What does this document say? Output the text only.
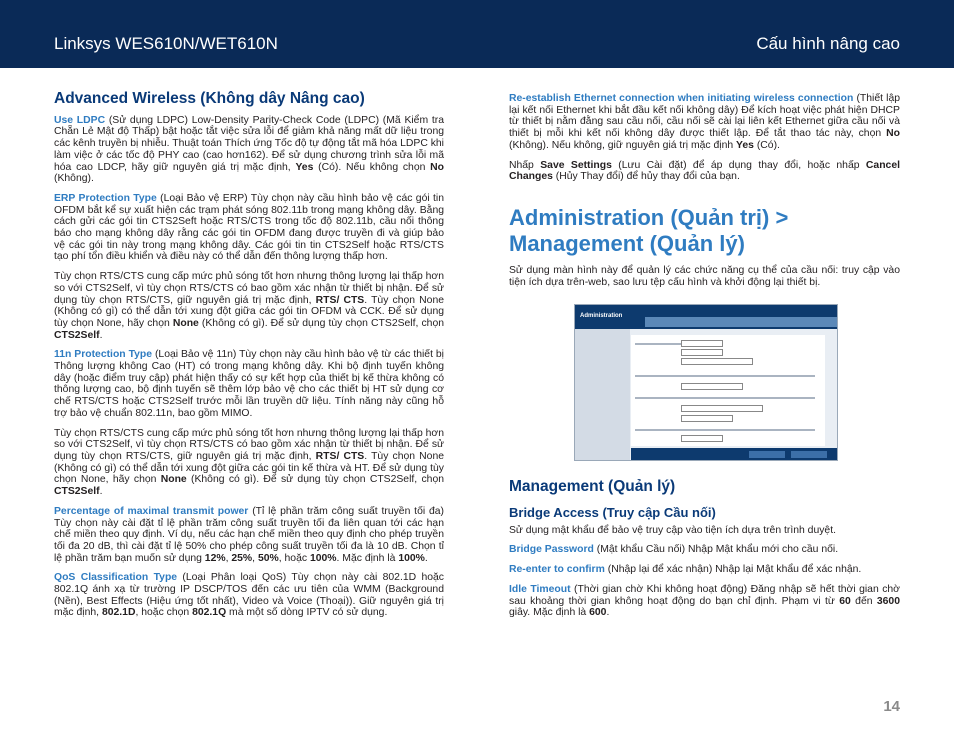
Linksys WES610N/WET610N	Cấu hình nâng cao
Advanced Wireless (Không dây Nâng cao)

Use LDPC (Sử dụng LDPC) Low-Density Parity-Check Code (LDPC) (Mã Kiểm tra Chẵn Lẻ Mật độ Thấp) bật hoặc tắt việc sửa lỗi để giảm khả năng mất dữ liệu trong các kênh truyền bị nhiễu. Thuật toán Thích ứng Tốc độ tự động tắt mã hóa LDPC khi làm việc ở các tốc độ PHY cao (cao hơn162). Để sử dụng chương trình sửa lỗi mã hóa cao LDCP, hãy giữ nguyên giá trị mặc định, Yes (Có). Nếu không chọn No (Không).

ERP Protection Type (Loại Bảo vệ ERP) Tùy chọn này cầu hình bảo vệ các gói tin OFDM bắt kể sự xuất hiện các trạm phát sóng 802.11b trong mạng không dây. Bằng cách gửi các gói tin CTS2Seft hoặc RTS/CTS trong tốc độ 802.11b, cầu nối thông báo cho mạng không dây rằng các gói tin OFDM đang được truyền đi và giúp bảo vệ các gói tin này trong mạng không dây. Các gói tin tin CTS2Self hoặc RTS/CTS tạo phí tổn điều khiển và điều này có thể dẫn đến thông lượng thấp hơn.

Tùy chọn RTS/CTS cung cấp mức phủ sóng tốt hơn nhưng thông lượng lại thấp hơn so với CTS2Self, vì tùy chọn RTS/CTS có bao gồm xác nhận từ thiết bị nhận. Để sử dụng tùy chọn RTS/CTS, giữ nguyên giá trị mặc định, RTS/ CTS. Tùy chọn None (Không có gì) có thể dẫn tới xung đột giữa các gói tin OFDM và CCK. Để sử dụng tùy chọn None, hãy chọn None (Không có gì). Để sử dụng tùy chọn CTS2Self, chọn CTS2Self.

11n Protection Type (Loại Bảo vệ 11n) Tùy chọn này cầu hình bảo vệ từ các thiết bị Thông lượng không Cao (HT) có trong mạng không dây. Khi bộ định tuyến không dây (hoặc điểm truy cập) phát hiện thấy có sự kết hợp của thiết bị kế thừa không có thông lượng cao, bộ định tuyến sẽ thêm lớp bảo vệ cho các thiết bị HT sử dụng cơ chế RTS/CTS hoặc CTS2Self trước mỗi lần truyền dữ liệu. Tính năng này cũng hỗ trợ bảo vệ chuẩn 802.11n, bao gồm MIMO.

Tùy chọn RTS/CTS cung cấp mức phủ sóng tốt hơn nhưng thông lượng lại thấp hơn so với CTS2Self, vì tùy chọn RTS/CTS có bao gồm xác nhận từ thiết bị nhận. Để sử dụng tùy chọn RTS/CTS, giữ nguyên giá trị mặc định, RTS/ CTS. Tùy chọn None (Không có gì) có thể dẫn tới xung đột giữa các gói tin kế thừa và HT. Để sử dụng tùy chọn None, hãy chọn None (Không có gì). Để sử dụng tùy chọn CTS2Self, chọn CTS2Self.

Percentage of maximal transmit power (Tỉ lệ phần trăm công suất truyền tối đa) Tùy chọn này cài đặt tỉ lệ phần trăm công suất truyền tối đa liên quan tới các hạn chế miền theo quy định. Ví dụ, nếu các hạn chế miền theo quy định cho phép truyền tối đa 20 dB, thì cài đặt tỉ lệ 50% cho phép công suất truyền tối đa là 10 dB. Chọn tỉ lệ phần trăm bạn muốn sử dụng 12%, 25%, 50%, hoặc 100%. Mặc định là 100%.

QoS Classification Type (Loại Phân loại QoS) Tùy chọn này cài 802.1D hoặc 802.1Q ánh xạ từ trường IP DSCP/TOS đến các ưu tiên của WMM (Background (Nền), Best Effects (Hiệu ứng tốt nhất), Video và Voice (Thoại)). Giữ nguyên giá trị mặc định, 802.1D, hoặc chọn 802.1Q mà một số dòng IPTV có sử dụng.

Re-establish Ethernet connection when initiating wireless connection (Thiết lập lại kết nối Ethernet khi bắt đầu kết nối không dây) Để kích hoạt việc phát hiện DHCP từ thiết bị nằm đằng sau cầu nối, cầu nối sẽ cài lại liên kết Ethernet giữa cầu nối và thiết bị mỗi khi kết nối không dây được thiết lập. Để tắt thao tác này, chọn No (Không). Nếu không, giữ nguyên giá trị mặc định Yes (Có).

Nhấp Save Settings (Lưu Cài đặt) để áp dụng thay đổi, hoặc nhấp Cancel Changes (Hủy Thay đổi) để hủy thay đổi của bạn.

Administration (Quản trị) >
Management (Quản lý)

Sử dụng màn hình này để quản lý các chức năng cụ thể của cầu nối: truy cập vào tiện ích dựa trên-web, sao lưu tệp cấu hình và khởi động lại thiết bị.

Administration
Management (Quản lý)
Bridge Access (Truy cập Cầu nối)

Sử dụng mật khẩu để bảo vệ truy cập vào tiện ích dựa trên trình duyệt.

Bridge Password (Mật khẩu Cầu nối) Nhập Mật khẩu mới cho cầu nối.

Re-enter to confirm (Nhập lại để xác nhận) Nhập lại Mật khẩu để xác nhận.

Idle Timeout (Thời gian chờ Khi không hoạt động) Đăng nhập sẽ hết thời gian chờ sau khoảng thời gian không hoạt động do bạn chỉ định. Phạm vi từ 60 đến 3600 giây. Mặc định là 600.

14
